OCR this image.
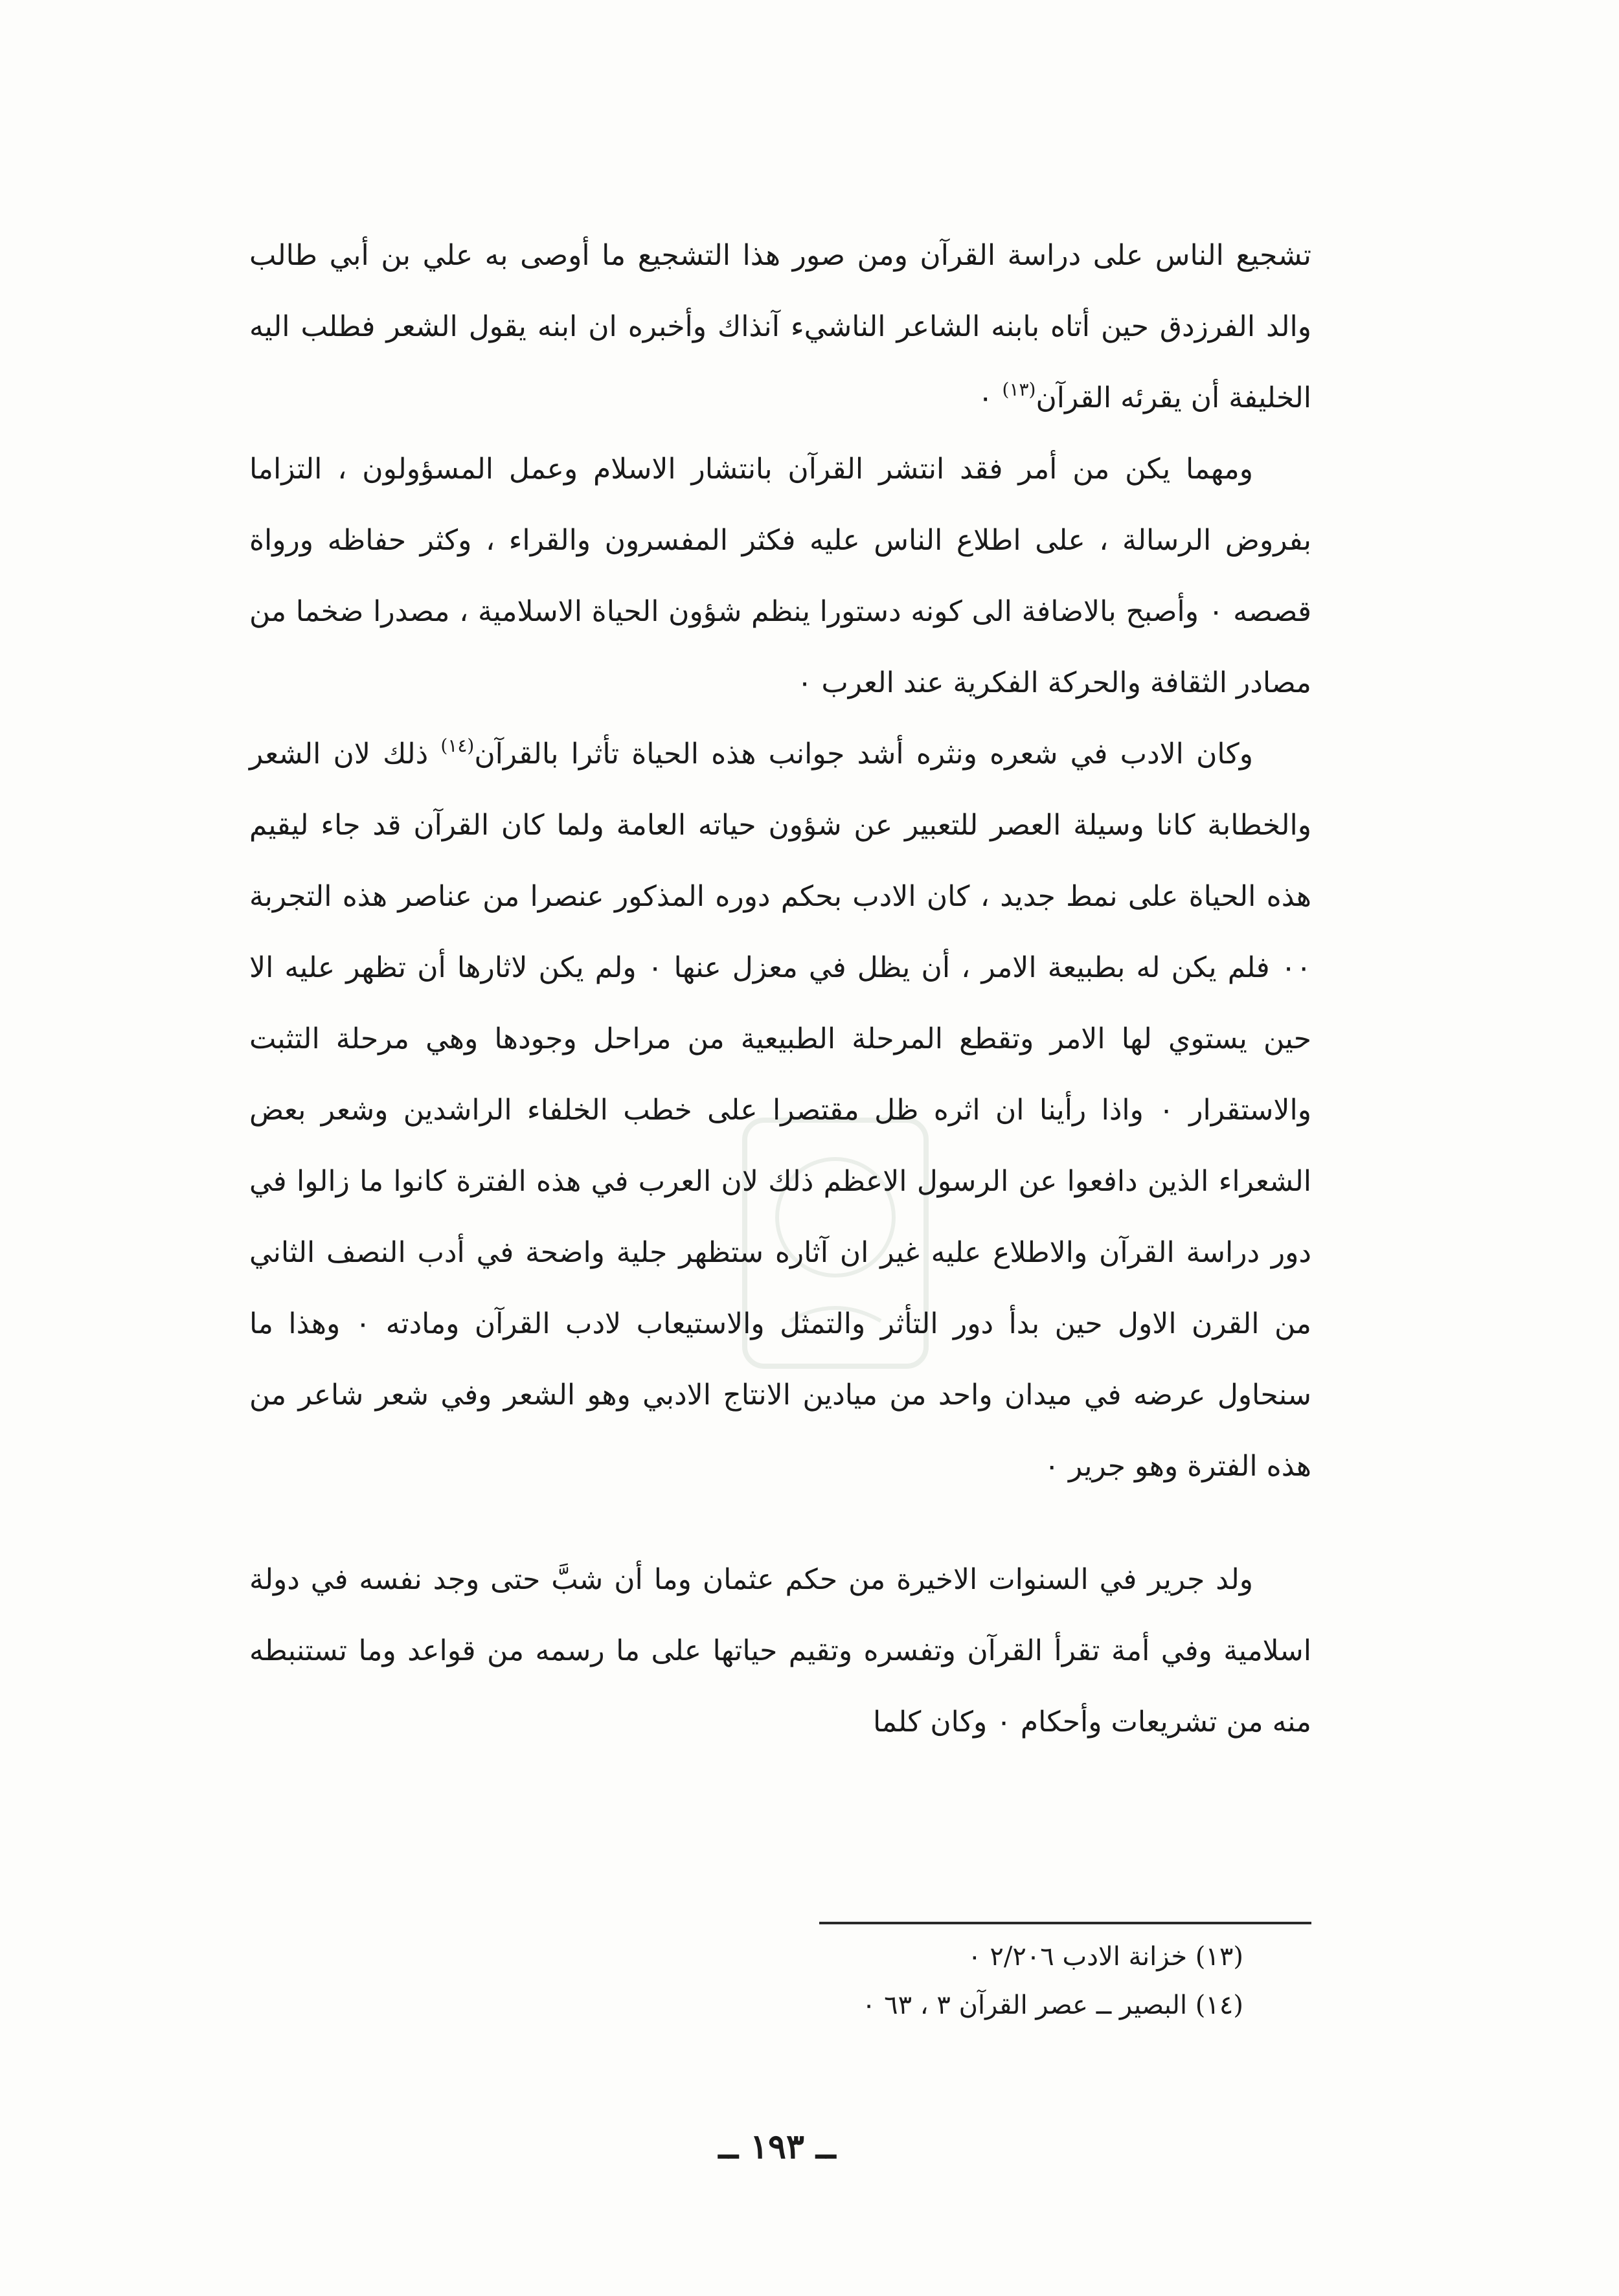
تشجيع الناس على دراسة القرآن ومن صور هذا التشجيع ما أوصى به علي بن أبي طالب والد الفرزدق حين أتاه بابنه الشاعر الناشيء آنذاك وأخبره ان ابنه يقول الشعر فطلب اليه الخليفة أن يقرئه القرآن$^{(١٣)}$ ٠

ومهما يكن من أمر فقد انتشر القرآن بانتشار الاسلام وعمل المسؤولون ، التزاما بفروض الرسالة ، على اطلاع الناس عليه فكثر المفسرون والقراء ، وكثر حفاظه ورواة قصصه ٠ وأصبح بالاضافة الى كونه دستورا ينظم شؤون الحياة الاسلامية ، مصدرا ضخما من مصادر الثقافة والحركة الفكرية عند العرب ٠

وكان الادب في شعره ونثره أشد جوانب هذه الحياة تأثرا بالقرآن$^{(١٤)}$ ذلك لان الشعر والخطابة كانا وسيلة العصر للتعبير عن شؤون حياته العامة ولما كان القرآن قد جاء ليقيم هذه الحياة على نمط جديد ، كان الادب بحكم دوره المذكور عنصرا من عناصر هذه التجربة ٠٠ فلم يكن له بطبيعة الامر ، أن يظل في معزل عنها ٠ ولم يكن لاثارها أن تظهر عليه الا حين يستوي لها الامر وتقطع المرحلة الطبيعية من مراحل وجودها وهي مرحلة التثبت والاستقرار ٠ واذا رأينا ان اثره ظل مقتصرا على خطب الخلفاء الراشدين وشعر بعض الشعراء الذين دافعوا عن الرسول الاعظم ذلك لان العرب في هذه الفترة كانوا ما زالوا في دور دراسة القرآن والاطلاع عليه غير ان آثاره ستظهر جلية واضحة في أدب النصف الثاني من القرن الاول حين بدأ دور التأثر والتمثل والاستيعاب لادب القرآن ومادته ٠ وهذا ما سنحاول عرضه في ميدان واحد من ميادين الانتاج الادبي وهو الشعر وفي شعر شاعر من هذه الفترة وهو جرير ٠

ولد جرير في السنوات الاخيرة من حكم عثمان وما أن شبَّ حتى وجد نفسه في دولة اسلامية وفي أمة تقرأ القرآن وتفسره وتقيم حياتها على ما رسمه من قواعد وما تستنبطه منه من تشريعات وأحكام ٠ وكان كلما

(١٣) خزانة الادب ٢/٢٠٦ ٠

(١٤) البصير ــ عصر القرآن ٣ ، ٦٣ ٠

ــ ١٩٣ ــ
